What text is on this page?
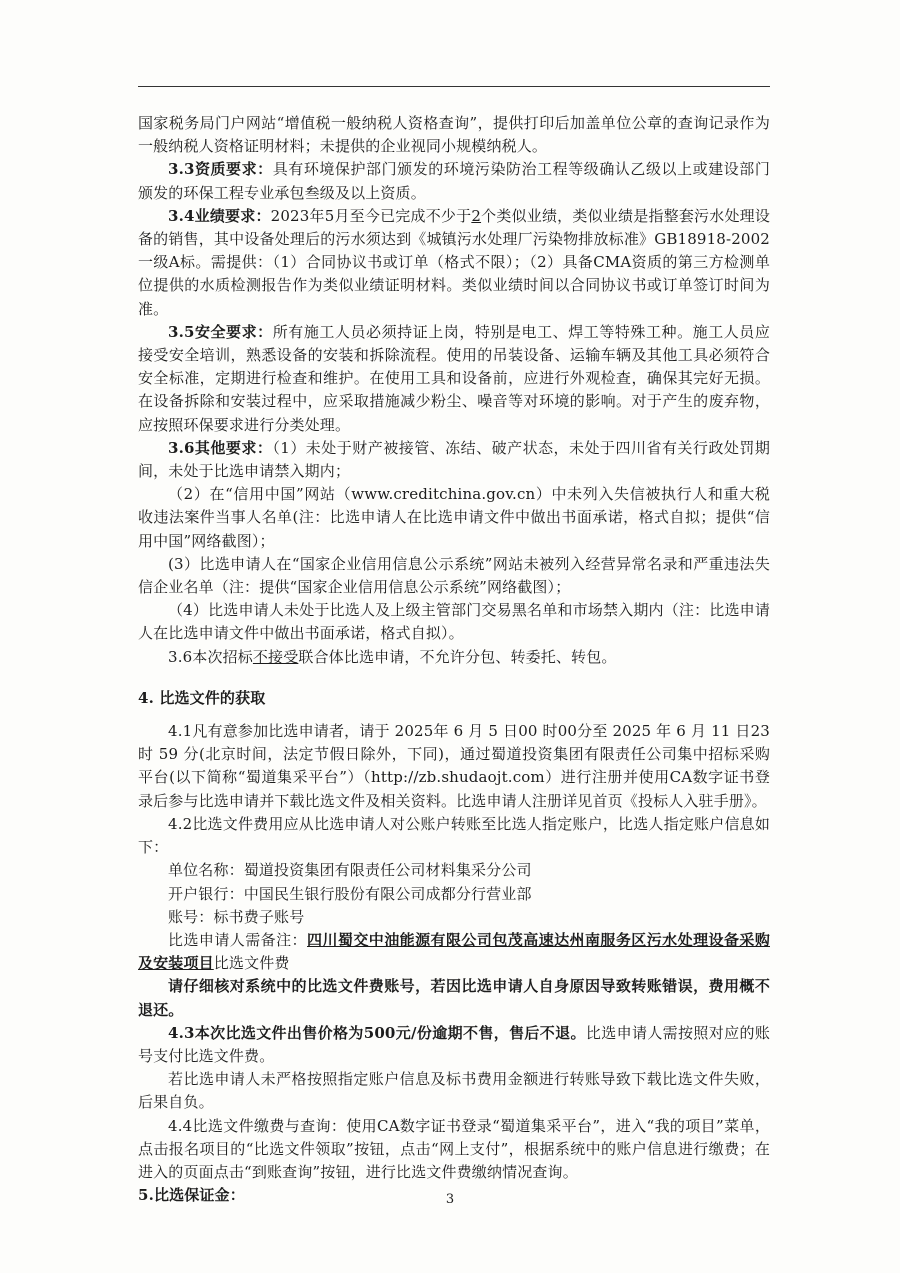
国家税务局门户网站“增值税一般纳税人资格查询”，提供打印后加盖单位公章的查询记录作为一般纳税人资格证明材料；未提供的企业视同小规模纳税人。

3.3资质要求：具有环境保护部门颁发的环境污染防治工程等级确认乙级以上或建设部门颁发的环保工程专业承包叁级及以上资质。

3.4业绩要求：2023年5月至今已完成不少于2个类似业绩，类似业绩是指整套污水处理设备的销售，其中设备处理后的污水须达到《城镇污水处理厂污染物排放标准》GB18918-2002一级A标。需提供：（1）合同协议书或订单（格式不限）；（2）具备CMA资质的第三方检测单位提供的水质检测报告作为类似业绩证明材料。类似业绩时间以合同协议书或订单签订时间为准。

3.5安全要求：所有施工人员必须持证上岗，特别是电工、焊工等特殊工种。施工人员应接受安全培训，熟悉设备的安装和拆除流程。使用的吊装设备、运输车辆及其他工具必须符合安全标准，定期进行检查和维护。在使用工具和设备前，应进行外观检查，确保其完好无损。在设备拆除和安装过程中，应采取措施减少粉尘、噪音等对环境的影响。对于产生的废弃物，应按照环保要求进行分类处理。

3.6其他要求：（1）未处于财产被接管、冻结、破产状态，未处于四川省有关行政处罚期间，未处于比选申请禁入期内；

（2）在“信用中国”网站（www.creditchina.gov.cn）中未列入失信被执行人和重大税收违法案件当事人名单(注：比选申请人在比选申请文件中做出书面承诺，格式自拟；提供“信用中国”网络截图）；

(3）比选申请人在“国家企业信用信息公示系统”网站未被列入经营异常名录和严重违法失信企业名单（注：提供“国家企业信用信息公示系统”网络截图）；

（4）比选申请人未处于比选人及上级主管部门交易黑名单和市场禁入期内（注：比选申请人在比选申请文件中做出书面承诺，格式自拟）。

3.6本次招标不接受联合体比选申请，不允许分包、转委托、转包。

4. 比选文件的获取

4.1凡有意参加比选申请者，请于 2025年 6 月 5 日00 时00分至 2025 年 6 月 11 日23 时 59 分(北京时间，法定节假日除外，下同)，通过蜀道投资集团有限责任公司集中招标采购平台(以下简称“蜀道集采平台”）（http://zb.shudaojt.com）进行注册并使用CA数字证书登录后参与比选申请并下载比选文件及相关资料。比选申请人注册详见首页《投标人入驻手册》。

4.2比选文件费用应从比选申请人对公账户转账至比选人指定账户，比选人指定账户信息如下：

单位名称：蜀道投资集团有限责任公司材料集采分公司

开户银行：中国民生银行股份有限公司成都分行营业部

账号：标书费子账号

比选申请人需备注：四川蜀交中油能源有限公司包茂高速达州南服务区污水处理设备采购及安装项目比选文件费

请仔细核对系统中的比选文件费账号，若因比选申请人自身原因导致转账错误，费用概不退还。

4.3本次比选文件出售价格为500元/份逾期不售，售后不退。比选申请人需按照对应的账号支付比选文件费。

若比选申请人未严格按照指定账户信息及标书费用金额进行转账导致下载比选文件失败，后果自负。

4.4比选文件缴费与查询：使用CA数字证书登录“蜀道集采平台”，进入“我的项目”菜单，点击报名项目的“比选文件领取”按钮，点击“网上支付”，根据系统中的账户信息进行缴费；在进入的页面点击“到账查询”按钮，进行比选文件费缴纳情况查询。

5.比选保证金：	3
